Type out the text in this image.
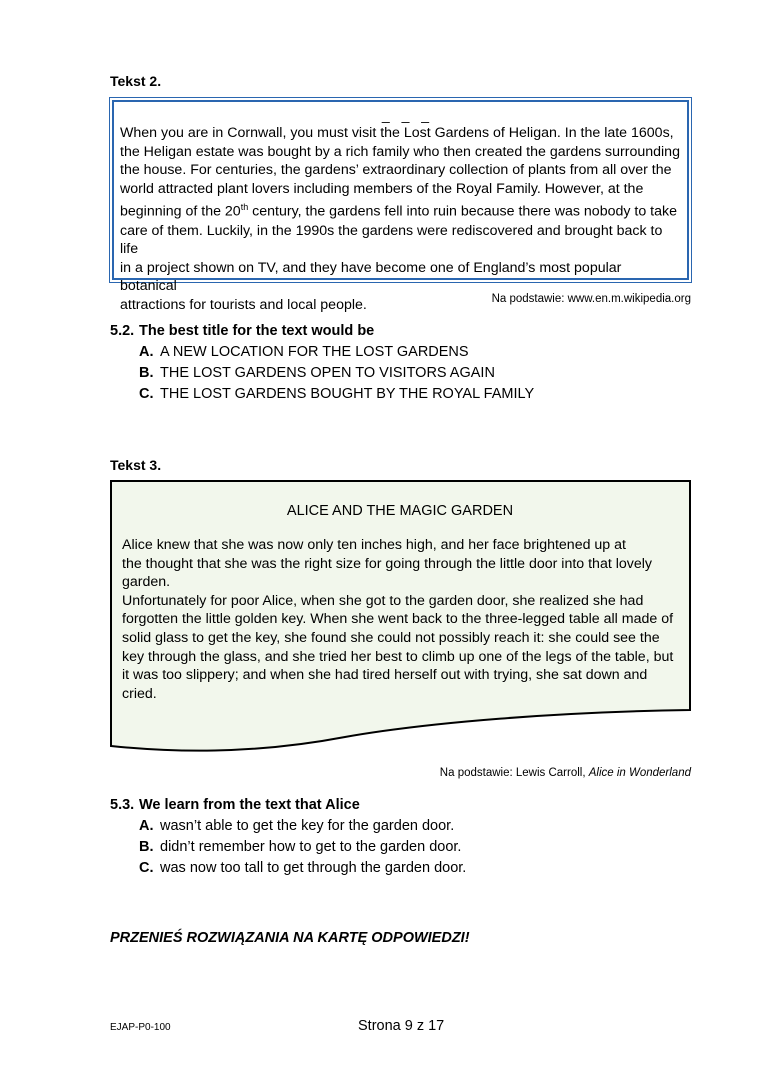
Tekst 2.
_ _ _
When you are in Cornwall, you must visit the Lost Gardens of Heligan. In the late 1600s,
the Heligan estate was bought by a rich family who then created the gardens surrounding
the house. For centuries, the gardens’ extraordinary collection of plants from all over the
world attracted plant lovers including members of the Royal Family. However, at the
beginning of the 20th century, the gardens fell into ruin because there was nobody to take
care of them. Luckily, in the 1990s the gardens were rediscovered and brought back to life
in a project shown on TV, and they have become one of England’s most popular botanical
attractions for tourists and local people.	Na podstawie: www.en.m.wikipedia.org
5.2. The best title for the text would be
A. A NEW LOCATION FOR THE LOST GARDENS
B. THE LOST GARDENS OPEN TO VISITORS AGAIN
C. THE LOST GARDENS BOUGHT BY THE ROYAL FAMILY
Tekst 3.
ALICE AND THE MAGIC GARDEN
Alice knew that she was now only ten inches high, and her face brightened up at
the thought that she was the right size for going through the little door into that lovely
garden.
Unfortunately for poor Alice, when she got to the garden door, she realized she had
forgotten the little golden key. When she went back to the three-legged table all made of
solid glass to get the key, she found she could not possibly reach it: she could see the
key through the glass, and she tried her best to climb up one of the legs of the table, but
it was too slippery; and when she had tired herself out with trying, she sat down and
cried.
Na podstawie: Lewis Carroll, Alice in Wonderland
5.3. We learn from the text that Alice
A. wasn’t able to get the key for the garden door.
B. didn’t remember how to get to the garden door.
C. was now too tall to get through the garden door.
PRZENIEŚ ROZWIĄZANIA NA KARTĘ ODPOWIEDZI!
EJAP-P0-100	Strona 9 z 17
